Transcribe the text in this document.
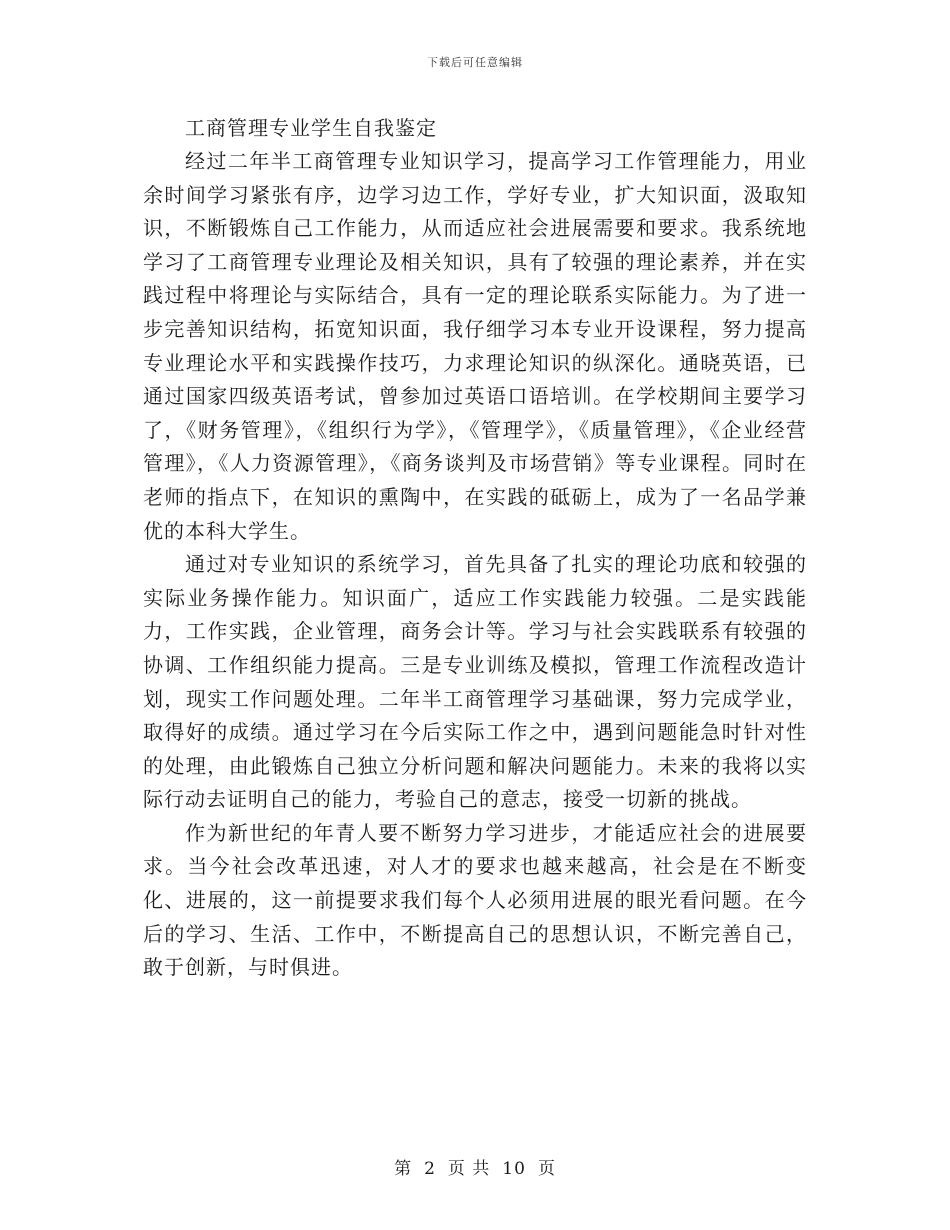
下载后可任意编辑

工商管理专业学生自我鉴定

经过二年半工商管理专业知识学习，提高学习工作管理能力，用业余时间学习紧张有序，边学习边工作，学好专业，扩大知识面，汲取知识，不断锻炼自己工作能力，从而适应社会进展需要和要求。我系统地学习了工商管理专业理论及相关知识，具有了较强的理论素养，并在实践过程中将理论与实际结合，具有一定的理论联系实际能力。为了进一步完善知识结构，拓宽知识面，我仔细学习本专业开设课程，努力提高专业理论水平和实践操作技巧，力求理论知识的纵深化。通晓英语，已通过国家四级英语考试，曾参加过英语口语培训。在学校期间主要学习了，《财务管理》，《组织行为学》，《管理学》，《质量管理》，《企业经营管理》，《人力资源管理》，《商务谈判及市场营销》等专业课程。同时在老师的指点下，在知识的熏陶中，在实践的砥砺上，成为了一名品学兼优的本科大学生。

通过对专业知识的系统学习，首先具备了扎实的理论功底和较强的实际业务操作能力。知识面广，适应工作实践能力较强。二是实践能力，工作实践，企业管理，商务会计等。学习与社会实践联系有较强的协调、工作组织能力提高。三是专业训练及模拟，管理工作流程改造计划，现实工作问题处理。二年半工商管理学习基础课，努力完成学业，取得好的成绩。通过学习在今后实际工作之中，遇到问题能急时针对性的处理，由此锻炼自己独立分析问题和解决问题能力。未来的我将以实际行动去证明自己的能力，考验自己的意志，接受一切新的挑战。

作为新世纪的年青人要不断努力学习进步，才能适应社会的进展要求。当今社会改革迅速，对人才的要求也越来越高，社会是在不断变化、进展的，这一前提要求我们每个人必须用进展的眼光看问题。在今后的学习、生活、工作中，不断提高自己的思想认识，不断完善自己，敢于创新，与时俱进。

第 2 页 共 10 页
